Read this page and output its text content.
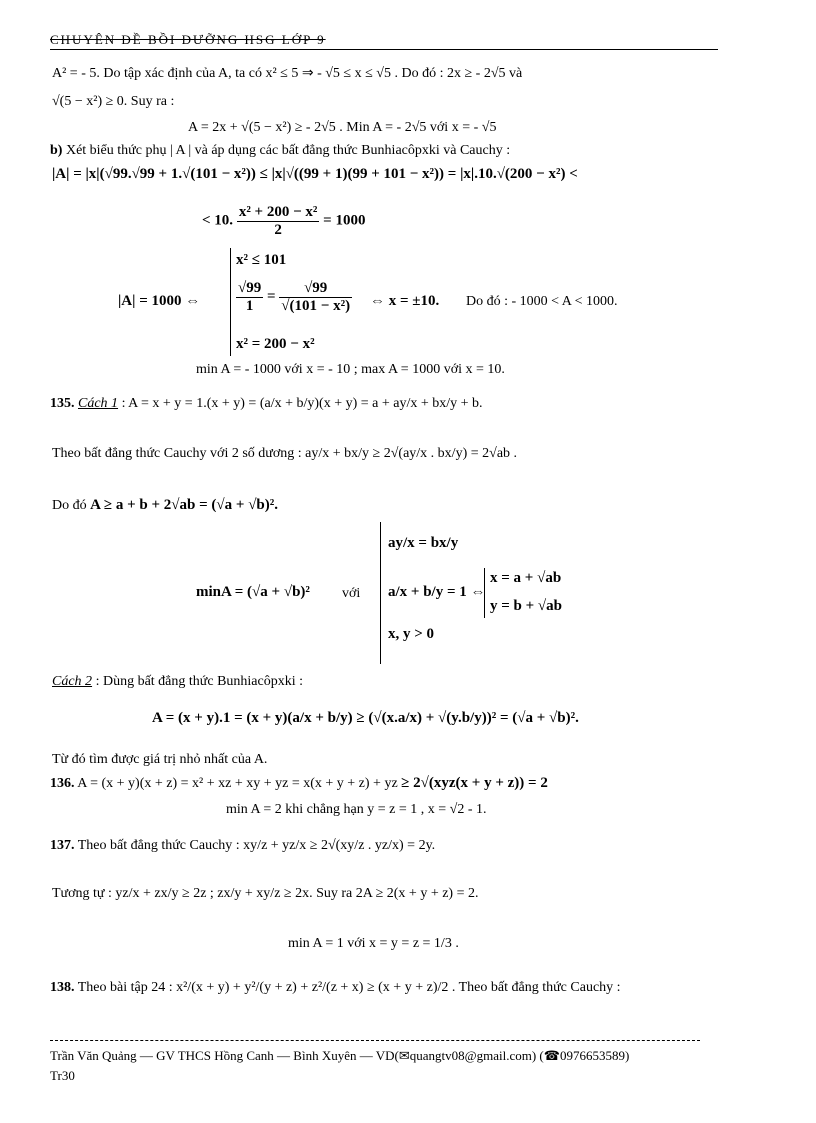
CHUYÊN ĐỀ BỒI DƯỠNG HSG LỚP 9
A² = - 5. Do tập xác định của A, ta có x² ≤ 5 ⇒ - √5 ≤ x ≤ √5 . Do đó : 2x ≥ - 2√5 và
√(5 − x²) ≥ 0. Suy ra :
A = 2x + √(5 − x²) ≥ - 2√5 . Min A = - 2√5 với x = - √5
b) Xét biểu thức phụ | A | và áp dụng các bất đẳng thức Bunhiacôpxki và Cauchy :
|A| = |x|(√99.√99 + 1.√(101 − x²)) ≤ |x|√((99 + 1)(99 + 101 − x²)) = |x|.10.√(200 − x²) <
< 10. $\frac{\text{x² + 200 − x²}}{2} = 1000$
|A| = 1000 ⇔
x² ≤ 101
$\frac{√99}{1} = \frac{√99}{\text{√(101 − x²)}}$
x² = 200 − x²
⇔ x = ±10. Do đó : - 1000 < A < 1000.
min A = - 1000 với x = - 10 ; max A = 1000 với x = 10.
135. Cách 1 : A = x + y = 1.(x + y) = (a/x + b/y)(x + y) = a + ay/x + bx/y + b.
Theo bất đẳng thức Cauchy với 2 số dương : ay/x + bx/y ≥ 2√(ay/x . bx/y) = 2√ab .
Do đó A ≥ a + b + 2√ab = (√a + √b)².
minA = (√a + √b)² với
ay/x = bx/y
a/x + b/y = 1 ⇔
x, y > 0
x = a + √ab
y = b + √ab
Cách 2 : Dùng bất đẳng thức Bunhiacôpxki :
A = (x + y).1 = (x + y)(a/x + b/y) ≥ (√(x.a/x) + √(y.b/y))² = (√a + √b)².
Từ đó tìm được giá trị nhỏ nhất của A.
136. A = (x + y)(x + z) = x² + xz + xy + yz = x(x + y + z) + yz ≥ 2√(xyz(x + y + z)) = 2
min A = 2 khi chẳng hạn y = z = 1 , x = √2 - 1.
137. Theo bất đẳng thức Cauchy : xy/z + yz/x ≥ 2√(xy/z . yz/x) = 2y.
Tương tự : yz/x + zx/y ≥ 2z ; zx/y + xy/z ≥ 2x. Suy ra 2A ≥ 2(x + y + z) = 2.
min A = 1 với x = y = z = 1/3 .
138. Theo bài tập 24 : x²/(x + y) + y²/(y + z) + z²/(z + x) ≥ (x + y + z)/2 . Theo bất đẳng thức Cauchy :
Trần Văn Quảng — GV THCS Hồng Canh — Bình Xuyên — VD(✉quangtv08@gmail.com) (☎0976653589)
Tr30
